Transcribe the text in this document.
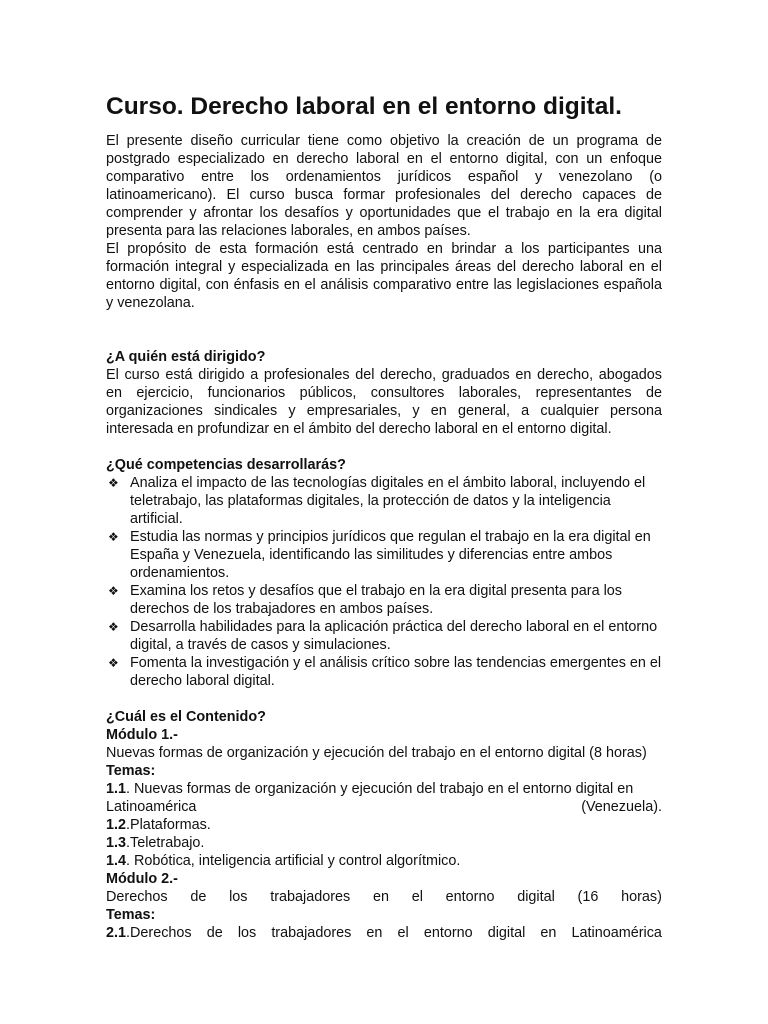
Curso. Derecho laboral en el entorno digital.

El presente diseño curricular tiene como objetivo la creación de un programa de postgrado especializado en derecho laboral en el entorno digital, con un enfoque comparativo entre los ordenamientos jurídicos español y venezolano (o latinoamericano). El curso busca formar profesionales del derecho capaces de comprender y afrontar los desafíos y oportunidades que el trabajo en la era digital presenta para las relaciones laborales, en ambos países.

El propósito de esta formación está centrado en brindar a los participantes una formación integral y especializada en las principales áreas del derecho laboral en el entorno digital, con énfasis en el análisis comparativo entre las legislaciones española y venezolana.

¿A quién está dirigido?

El curso está dirigido a profesionales del derecho, graduados en derecho, abogados en ejercicio, funcionarios públicos, consultores laborales, representantes de organizaciones sindicales y empresariales, y en general, a cualquier persona interesada en profundizar en el ámbito del derecho laboral en el entorno digital.

¿Qué competencias desarrollarás?

❖ Analiza el impacto de las tecnologías digitales en el ámbito laboral, incluyendo el teletrabajo, las plataformas digitales, la protección de datos y la inteligencia artificial.
❖ Estudia las normas y principios jurídicos que regulan el trabajo en la era digital en España y Venezuela, identificando las similitudes y diferencias entre ambos ordenamientos.
❖ Examina los retos y desafíos que el trabajo en la era digital presenta para los derechos de los trabajadores en ambos países.
❖ Desarrolla habilidades para la aplicación práctica del derecho laboral en el entorno digital, a través de casos y simulaciones.
❖ Fomenta la investigación y el análisis crítico sobre las tendencias emergentes en el derecho laboral digital.

¿Cuál es el Contenido?

Módulo 1.-

Nuevas formas de organización y ejecución del trabajo en el entorno digital (8 horas)

Temas:

1.1. Nuevas formas de organización y ejecución del trabajo en el entorno digital en

Latinoamérica	(Venezuela).

1.2.Plataformas.

1.3.Teletrabajo.

1.4. Robótica, inteligencia artificial y control algorítmico.

Módulo 2.-

Derechos de los trabajadores en el entorno digital (16 horas)

Temas:

2.1.Derechos de los trabajadores en el entorno digital en Latinoamérica
